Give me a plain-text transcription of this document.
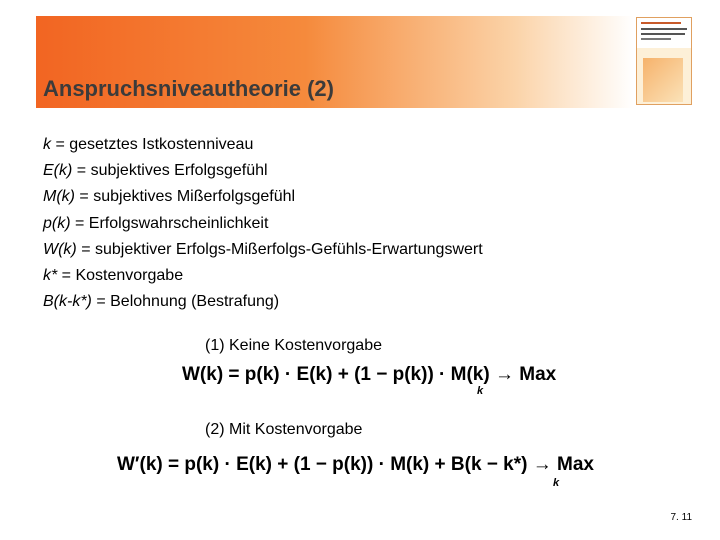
Anspruchsniveautheorie (2)
k = gesetztes Istkostenniveau
E(k) = subjektives Erfolgsgefühl
M(k) = subjektives Mißerfolgsgefühl
p(k) = Erfolgswahrscheinlichkeit
W(k) = subjektiver Erfolgs-Mißerfolgs-Gefühls-Erwartungswert
k* = Kostenvorgabe
B(k-k*) = Belohnung (Bestrafung)
(1) Keine Kostenvorgabe
W(k) = p(k) · E(k) + (1 − p(k)) · M(k) → Max
k
(2) Mit Kostenvorgabe
W′(k) = p(k) · E(k) + (1 − p(k)) · M(k) + B(k − k*) → Max
k
7. 11
